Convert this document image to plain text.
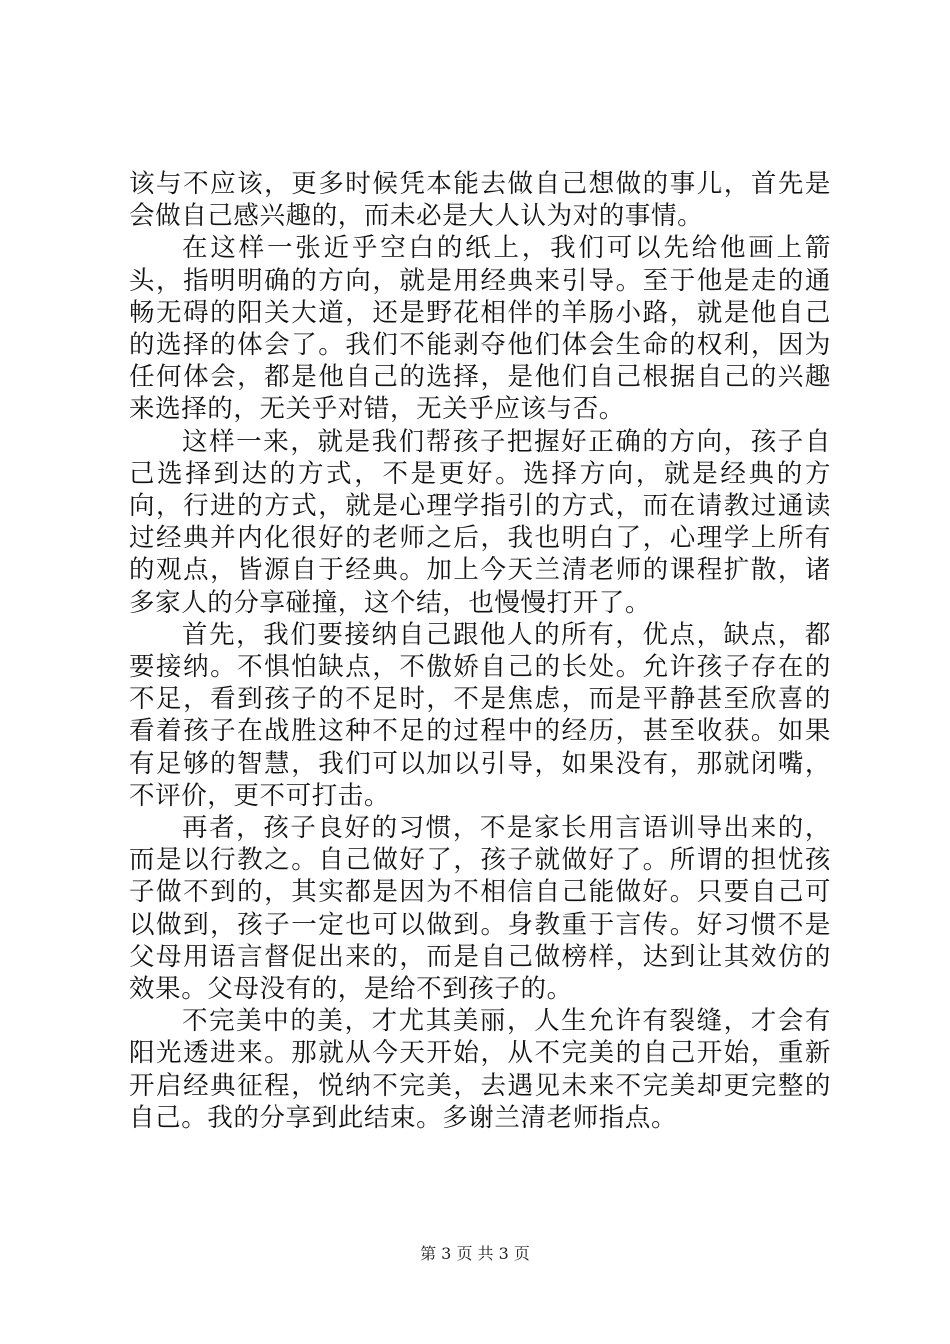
该与不应该，更多时候凭本能去做自己想做的事儿，首先是会做自己感兴趣的，而未必是大人认为对的事情。

在这样一张近乎空白的纸上，我们可以先给他画上箭头，指明明确的方向，就是用经典来引导。至于他是走的通畅无碍的阳关大道，还是野花相伴的羊肠小路，就是他自己的选择的体会了。我们不能剥夺他们体会生命的权利，因为任何体会，都是他自己的选择，是他们自己根据自己的兴趣来选择的，无关乎对错，无关乎应该与否。

这样一来，就是我们帮孩子把握好正确的方向，孩子自己选择到达的方式，不是更好。选择方向，就是经典的方向，行进的方式，就是心理学指引的方式，而在请教过通读过经典并内化很好的老师之后，我也明白了，心理学上所有的观点，皆源自于经典。加上今天兰清老师的课程扩散，诸多家人的分享碰撞，这个结，也慢慢打开了。

首先，我们要接纳自己跟他人的所有，优点，缺点，都要接纳。不惧怕缺点，不傲娇自己的长处。允许孩子存在的不足，看到孩子的不足时，不是焦虑，而是平静甚至欣喜的看着孩子在战胜这种不足的过程中的经历，甚至收获。如果有足够的智慧，我们可以加以引导，如果没有，那就闭嘴，不评价，更不可打击。

再者，孩子良好的习惯，不是家长用言语训导出来的，而是以行教之。自己做好了，孩子就做好了。所谓的担忧孩子做不到的，其实都是因为不相信自己能做好。只要自己可以做到，孩子一定也可以做到。身教重于言传。好习惯不是父母用语言督促出来的，而是自己做榜样，达到让其效仿的效果。父母没有的，是给不到孩子的。

不完美中的美，才尤其美丽，人生允许有裂缝，才会有阳光透进来。那就从今天开始，从不完美的自己开始，重新开启经典征程，悦纳不完美，去遇见未来不完美却更完整的自己。我的分享到此结束。多谢兰清老师指点。

第 3 页 共 3 页
